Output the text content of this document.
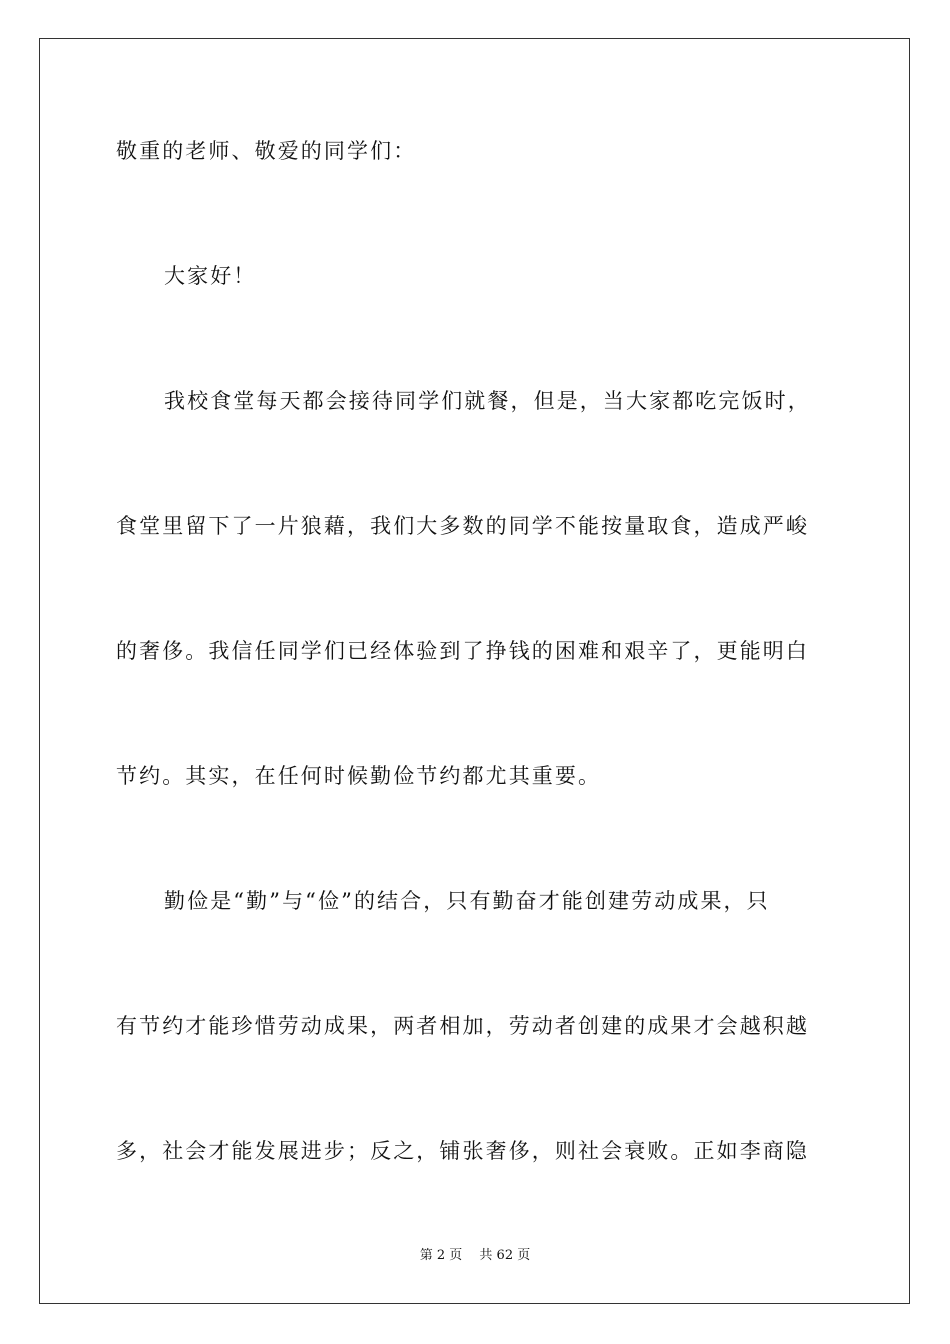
敬重的老师、敬爱的同学们：
大家好！
我校食堂每天都会接待同学们就餐，但是，当大家都吃完饭时，
食堂里留下了一片狼藉，我们大多数的同学不能按量取食，造成严峻
的奢侈。我信任同学们已经体验到了挣钱的困难和艰辛了，更能明白
节约。其实，在任何时候勤俭节约都尤其重要。
勤俭是“勤”与“俭”的结合，只有勤奋才能创建劳动成果，只
有节约才能珍惜劳动成果，两者相加，劳动者创建的成果才会越积越
多，社会才能发展进步；反之，铺张奢侈，则社会衰败。正如李商隐
第 2 页　 共 62 页
